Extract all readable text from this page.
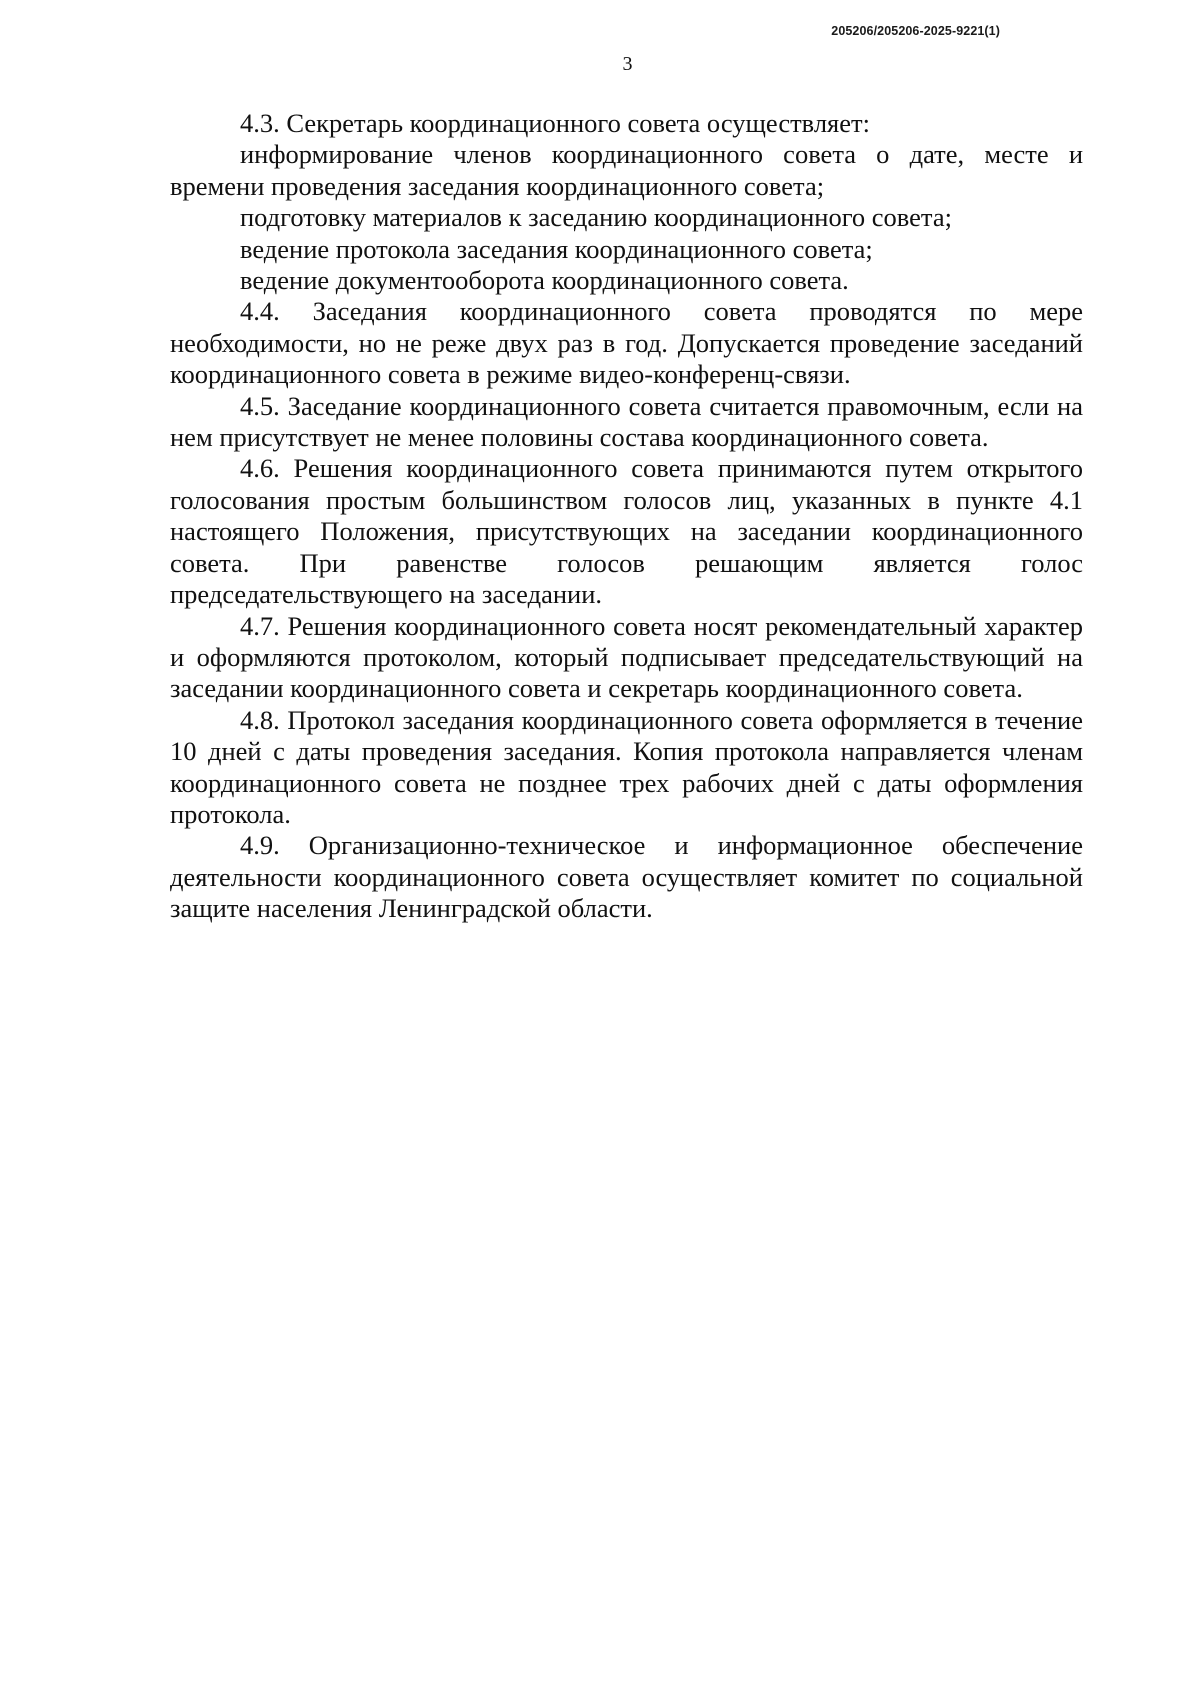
205206/205206-2025-9221(1)
3

4.3. Секретарь координационного совета осуществляет:

информирование членов координационного совета о дате, месте и времени проведения заседания координационного совета;

подготовку материалов к заседанию координационного совета;

ведение протокола заседания координационного совета;

ведение документооборота координационного совета.

4.4. Заседания координационного совета проводятся по мере необходимости, но не реже двух раз в год. Допускается проведение заседаний координационного совета в режиме видео-конференц-связи.

4.5. Заседание координационного совета считается правомочным, если на нем присутствует не менее половины состава координационного совета.

4.6. Решения координационного совета принимаются путем открытого голосования простым большинством голосов лиц, указанных в пункте 4.1 настоящего Положения, присутствующих на заседании координационного совета. При равенстве голосов решающим является голос председательствующего на заседании.

4.7. Решения координационного совета носят рекомендательный характер и оформляются протоколом, который подписывает председательствующий на заседании координационного совета и секретарь координационного совета.

4.8. Протокол заседания координационного совета оформляется в течение 10 дней с даты проведения заседания. Копия протокола направляется членам координационного совета не позднее трех рабочих дней с даты оформления протокола.

4.9. Организационно-техническое и информационное обеспечение деятельности координационного совета осуществляет комитет по социальной защите населения Ленинградской области.
